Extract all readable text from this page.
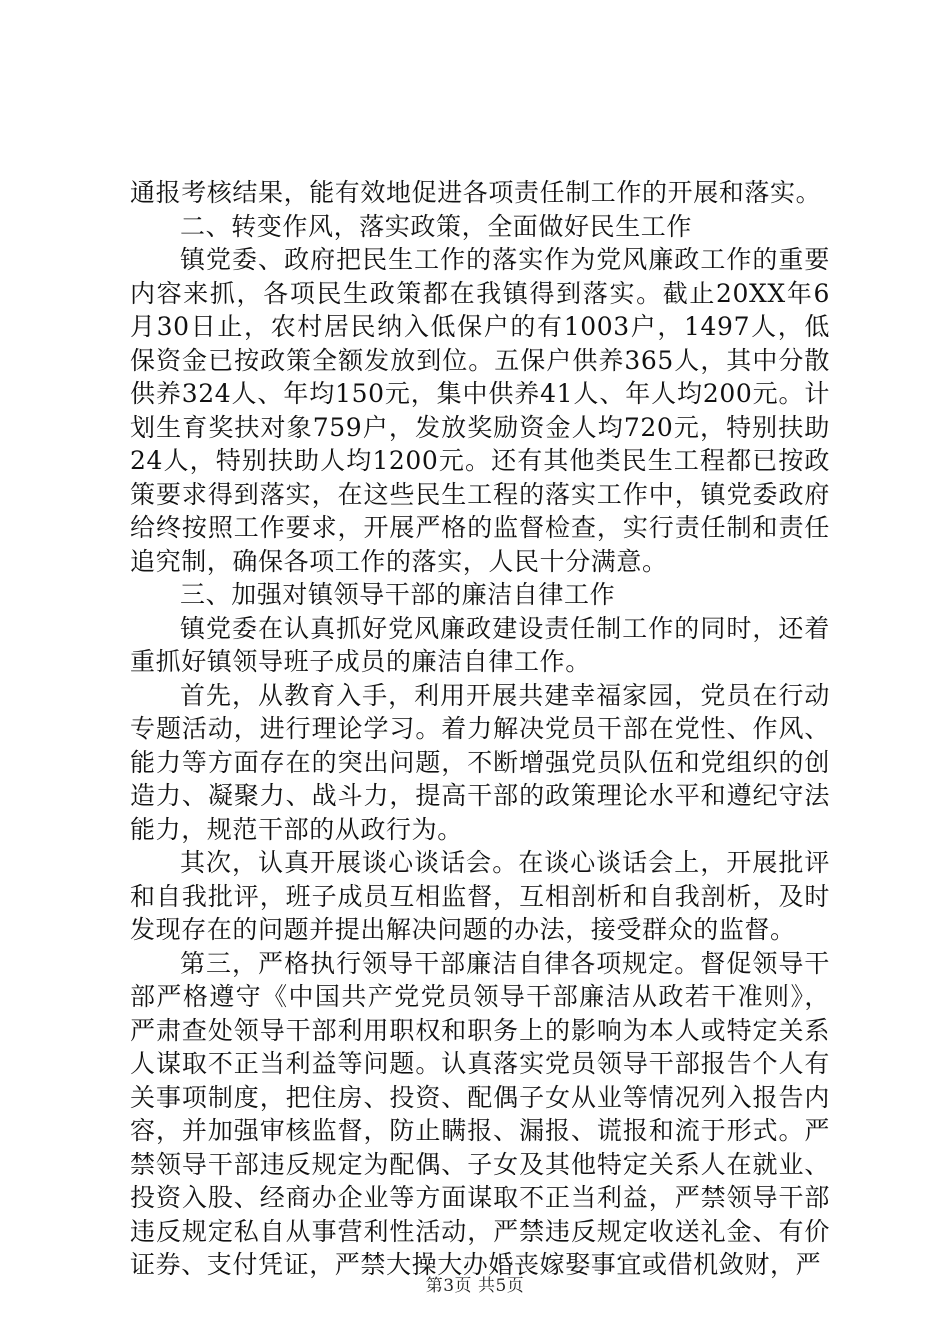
通报考核结果，能有效地促进各项责任制工作的开展和落实。

二、转变作风，落实政策，全面做好民生工作

镇党委、政府把民生工作的落实作为党风廉政工作的重要内容来抓，各项民生政策都在我镇得到落实。截止20XX年6月30日止，农村居民纳入低保户的有1003户，1497人，低保资金已按政策全额发放到位。五保户供养365人，其中分散供养324人、年均150元，集中供养41人、年人均200元。计划生育奖扶对象759户，发放奖励资金人均720元，特别扶助24人，特别扶助人均1200元。还有其他类民生工程都已按政策要求得到落实，在这些民生工程的落实工作中，镇党委政府给终按照工作要求，开展严格的监督检查，实行责任制和责任追究制，确保各项工作的落实，人民十分满意。

三、加强对镇领导干部的廉洁自律工作

镇党委在认真抓好党风廉政建设责任制工作的同时，还着重抓好镇领导班子成员的廉洁自律工作。

首先，从教育入手，利用开展共建幸福家园，党员在行动专题活动，进行理论学习。着力解决党员干部在党性、作风、能力等方面存在的突出问题，不断增强党员队伍和党组织的创造力、凝聚力、战斗力，提高干部的政策理论水平和遵纪守法能力，规范干部的从政行为。

其次，认真开展谈心谈话会。在谈心谈话会上，开展批评和自我批评，班子成员互相监督，互相剖析和自我剖析，及时发现存在的问题并提出解决问题的办法，接受群众的监督。

第三，严格执行领导干部廉洁自律各项规定。督促领导干部严格遵守《中国共产党党员领导干部廉洁从政若干准则》，严肃查处领导干部利用职权和职务上的影响为本人或特定关系人谋取不正当利益等问题。认真落实党员领导干部报告个人有关事项制度，把住房、投资、配偶子女从业等情况列入报告内容，并加强审核监督，防止瞒报、漏报、谎报和流于形式。严禁领导干部违反规定为配偶、子女及其他特定关系人在就业、投资入股、经商办企业等方面谋取不正当利益，严禁领导干部违反规定私自从事营利性活动，严禁违反规定收送礼金、有价证券、支付凭证，严禁大操大办婚丧嫁娶事宜或借机敛财，严

第3页 共5页
